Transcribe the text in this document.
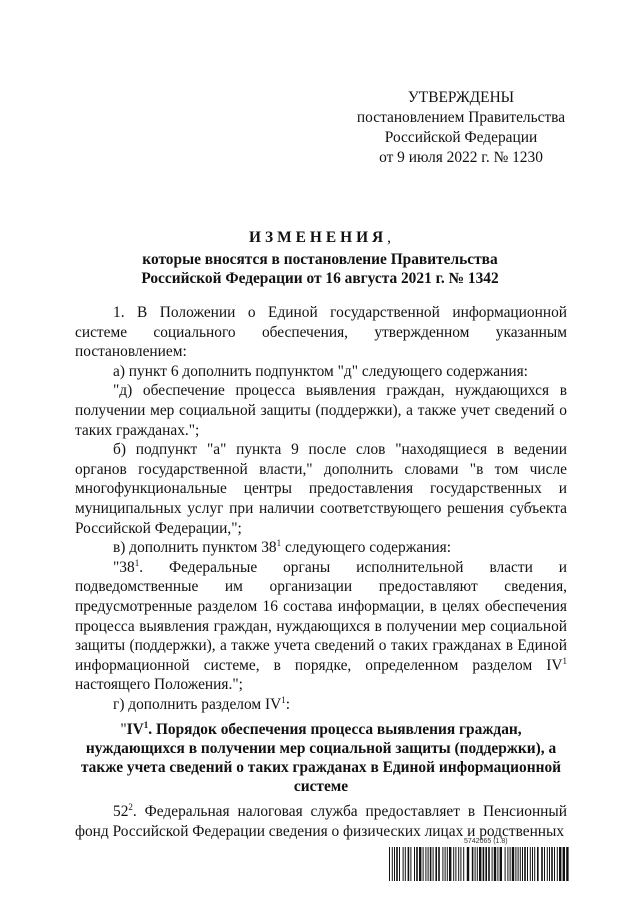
УТВЕРЖДЕНЫ
постановлением Правительства
Российской Федерации
от 9 июля 2022 г. № 1230
ИЗМЕНЕНИЯ,
которые вносятся в постановление Правительства
Российской Федерации от 16 августа 2021 г. № 1342

1. В Положении о Единой государственной информационной системе социального обеспечения, утвержденном указанным постановлением:

а) пункт 6 дополнить подпунктом "д" следующего содержания:

"д) обеспечение процесса выявления граждан, нуждающихся в получении мер социальной защиты (поддержки), а также учет сведений о таких гражданах.";

б) подпункт "а" пункта 9 после слов "находящиеся в ведении органов государственной власти," дополнить словами "в том числе многофункциональные центры предоставления государственных и муниципальных услуг при наличии соответствующего решения субъекта Российской Федерации,";

в) дополнить пунктом $38^1$ следующего содержания:

"$38^1$. Федеральные органы исполнительной власти и подведомственные им организации предоставляют сведения, предусмотренные разделом 16 состава информации, в целях обеспечения процесса выявления граждан, нуждающихся в получении мер социальной защиты (поддержки), а также учета сведений о таких гражданах в Единой информационной системе, в порядке, определенном разделом $IV^1$ настоящего Положения.";

г) дополнить разделом $IV^1$:

"$IV^1$. Порядок обеспечения процесса выявления граждан, нуждающихся в получении мер социальной защиты (поддержки), а также учета сведений о таких гражданах в Единой информационной системе

$52^2$. Федеральная налоговая служба предоставляет в Пенсионный фонд Российской Федерации сведения о физических лицах и родственных

5742065 (1.8)
